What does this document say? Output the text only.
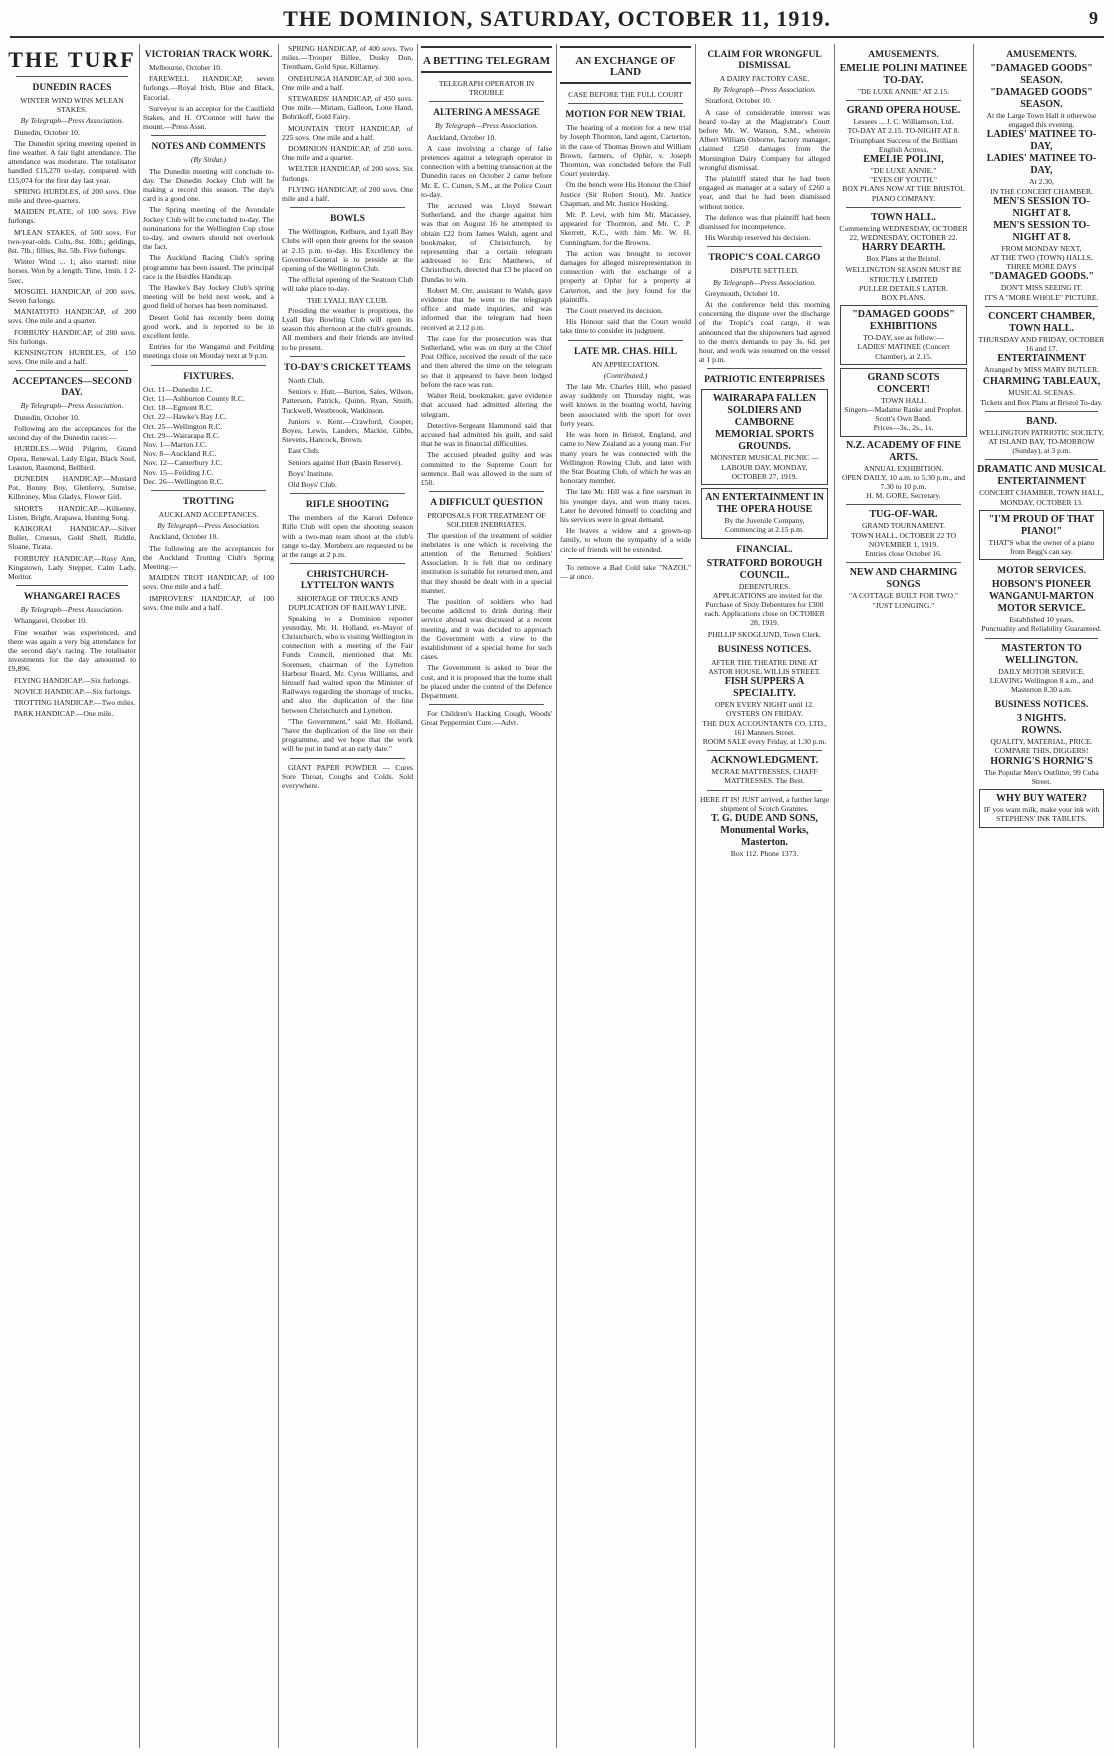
THE DOMINION, SATURDAY, OCTOBER 11, 1919.	9
THE TURF
DUNEDIN RACES
WINTER WIND WINS M'LEAN STAKES.
By Telegraph—Press Association.

Dunedin, October 10.

The Dunedin spring meeting opened in fine weather. A fair light attendance. The attendance was moderate. The totalisator handled £15,270 to-day, compared with £15,074 for the first day last year.

SPRING HURDLES, of 200 sovs. One mile and three-quarters.

MAIDEN PLATE, of 100 sovs. Five furlongs.

M'LEAN STAKES, of 500 sovs. For two-year-olds. Colts, 8st. 10lb.; geldings, 8st. 7lb.; fillies, 8st. 5lb. Five furlongs.

Winter Wind ... 1; also started: nine horses. Won by a length. Time, 1min. 1 2-5sec.

MOSGIEL HANDICAP, of 200 sovs. Seven furlongs.

MANIATOTO HANDICAP, of 200 sovs. One mile and a quarter.

FORBURY HANDICAP, of 200 sovs. Six furlongs.

KENSINGTON HURDLES, of 150 sovs. One mile and a half.

ACCEPTANCES—SECOND DAY.
By Telegraph—Press Association.

Dunedin, October 10.

Following are the acceptances for the second day of the Dunedin races:—

HURDLES.—Wild Pilgrim, Grand Opera, Renewal, Lady Elgar, Black Soul, Leaston, Rasmond, Bellbird.

DUNEDIN HANDICAP.—Mustard Pot, Bonny Boy, Glenferry, Sunrise, Kilbroney, Miss Gladys, Flower Girl.

SHORTS HANDICAP.—Kilkenny, Listen, Bright, Arapawa, Hunting Song.

KAIKORAI HANDICAP.—Silver Bullet, Croesus, Gold Shell, Riddle, Sloane, Tirata.

FORBURY HANDICAP.—Rosy Ann, Kingstown, Lady Stepper, Calm Lady, Meritor.

WHANGAREI RACES
By Telegraph—Press Association.

Whangarei, October 10.

Fine weather was experienced, and there was again a very big attendance for the second day's racing. The totalisator investments for the day amounted to £9,896.

FLYING HANDICAP.—Six furlongs.

NOVICE HANDICAP.—Six furlongs.

TROTTING HANDICAP.—Two miles.

PARK HANDICAP.—One mile.

VICTORIAN TRACK WORK.

Melbourne, October 10.

FAREWELL HANDICAP, seven furlongs.—Royal Irish, Blue and Black, Escorial.

Surveyor is an acceptor for the Caulfield Stakes, and H. O'Connor will have the mount.—Press Assn.

NOTES AND COMMENTS
(By Sirdar.)

The Dunedin meeting will conclude to-day. The Dunedin Jockey Club will be making a record this season. The day's card is a good one.

The Spring meeting of the Avondale Jockey Club will be concluded to-day. The nominations for the Wellington Cup close to-day, and owners should not overlook the fact.

The Auckland Racing Club's spring programme has been issued. The principal race is the Hurdles Handicap.

The Hawke's Bay Jockey Club's spring meeting will be held next week, and a good field of horses has been nominated.

Desert Gold has recently been doing good work, and is reported to be in excellent fettle.

Entries for the Wanganui and Feilding meetings close on Monday next at 9 p.m.

FIXTURES.

Oct. 11—Dunedin J.C.

Oct. 11—Ashburton County R.C.

Oct. 18—Egmont R.C.

Oct. 22—Hawke's Bay J.C.

Oct. 25—Wellington R.C.

Oct. 29—Wairarapa R.C.

Nov. 1—Marton J.C.

Nov. 8—Auckland R.C.

Nov. 12—Canterbury J.C.

Nov. 15—Feilding J.C.

Dec. 26—Wellington R.C.

TROTTING
AUCKLAND ACCEPTANCES.
By Telegraph—Press Association.

Auckland, October 10.

The following are the acceptances for the Auckland Trotting Club's Spring Meeting:—

MAIDEN TROT HANDICAP, of 100 sovs. One mile and a half.

IMPROVERS' HANDICAP, of 100 sovs. One mile and a half.

SPRING HANDICAP, of 400 sovs. Two miles.—Trooper Billee, Dusky Don, Trentham, Gold Spur, Killarney.

ONEHUNGA HANDICAP, of 300 sovs. One mile and a half.

STEWARDS' HANDICAP, of 450 sovs. One mile.—Miriam, Galleon, Lone Hand, Bobrikoff, Gold Fairy.

MOUNTAIN TROT HANDICAP, of 225 sovs. One mile and a half.

DOMINION HANDICAP, of 250 sovs. One mile and a quarter.

WELTER HANDICAP, of 200 sovs. Six furlongs.

FLYING HANDICAP, of 200 sovs. One mile and a half.

BOWLS

The Wellington, Kelburn, and Lyall Bay Clubs will open their greens for the season at 2.15 p.m. to-day. His Excellency the Governor-General is to preside at the opening of the Wellington Club.

The official opening of the Seatoun Club will take place to-day.

THE LYALL BAY CLUB.

Presiding the weather is propitious, the Lyall Bay Bowling Club will open its season this afternoon at the club's grounds. All members and their friends are invited to be present.

TO-DAY'S CRICKET TEAMS

North Club.

Seniors v. Hutt.—Burton, Sales, Wilson, Patterson, Patrick, Quinn, Ryan, Smith, Tuckwell, Westbrook, Watkinson.

Juniors v. Kent.—Crawford, Cooper, Boyes, Lewis, Landers, Mackie, Gibbs, Stevens, Hancock, Brown.

East Club.

Seniors against Hutt (Basin Reserve).

Boys' Institute.

Old Boys' Club.

RIFLE SHOOTING

The members of the Karori Defence Rifle Club will open the shooting season with a two-man team shoot at the club's range to-day. Members are requested to be at the range at 2 p.m.

CHRISTCHURCH-LYTTELTON WANTS
SHORTAGE OF TRUCKS AND DUPLICATION OF RAILWAY LINE.

Speaking to a Dominion reporter yesterday, Mr. H. Holland, ex-Mayor of Christchurch, who is visiting Wellington in connection with a meeting of the Fair Funds Council, mentioned that Mr. Sorensen, chairman of the Lyttelton Harbour Board, Mr. Cyrus Williams, and himself had waited upon the Minister of Railways regarding the shortage of trucks, and also the duplication of the line between Christchurch and Lyttelton.

"The Government," said Mr. Holland, "have the duplication of the line on their programme, and we hope that the work will be put in hand at an early date."

GIANT PAPER POWDER — Cures Sore Throat, Coughs and Colds. Sold everywhere.

A BETTING TELEGRAM
TELEGRAPH OPERATOR IN TROUBLE
ALTERING A MESSAGE
By Telegraph—Press Association.

Auckland, October 10.

A case involving a charge of false pretences against a telegraph operator in connection with a betting transaction at the Dunedin races on October 2 came before Mr. E. C. Cutten, S.M., at the Police Court to-day.

The accused was Lloyd Stewart Sutherland, and the charge against him was that on August 16 he attempted to obtain £22 from James Walsh, agent and bookmaker, of Christchurch, by representing that a certain telegram addressed to Eric Matthews, of Christchurch, directed that £3 be placed on Dundas to win.

Robert M. Orr, assistant to Walsh, gave evidence that he went to the telegraph office and made inquiries, and was informed that the telegram had been received at 2.12 p.m.

The case for the prosecution was that Sutherland, who was on duty at the Chief Post Office, received the result of the race and then altered the time on the telegram so that it appeared to have been lodged before the race was run.

Walter Reid, bookmaker, gave evidence that accused had admitted altering the telegram.

Detective-Sergeant Hammond said that accused had admitted his guilt, and said that he was in financial difficulties.

The accused pleaded guilty and was committed to the Supreme Court for sentence. Bail was allowed in the sum of £50.

A DIFFICULT QUESTION
PROPOSALS FOR TREATMENT OF SOLDIER INEBRIATES.

The question of the treatment of soldier inebriates is one which is receiving the attention of the Returned Soldiers' Association. It is felt that no ordinary institution is suitable for returned men, and that they should be dealt with in a special manner.

The position of soldiers who had become addicted to drink during their service abroad was discussed at a recent meeting, and it was decided to approach the Government with a view to the establishment of a special home for such cases.

The Government is asked to bear the cost, and it is proposed that the home shall be placed under the control of the Defence Department.

For Children's Hacking Cough, Woods' Great Peppermint Cure.—Advt.

AN EXCHANGE OF LAND
CASE BEFORE THE FULL COURT
MOTION FOR NEW TRIAL

The hearing of a motion for a new trial by Joseph Thornton, land agent, Carterton, in the case of Thomas Brown and William Brown, farmers, of Ophir, v. Joseph Thornton, was concluded before the Full Court yesterday.

On the bench were His Honour the Chief Justice (Sir Robert Stout), Mr. Justice Chapman, and Mr. Justice Hosking.

Mr. P. Levi, with him Mr. Macassey, appeared for Thornton, and Mr. C. P. Skerrett, K.C., with him Mr. W. H. Cunningham, for the Browns.

The action was brought to recover damages for alleged misrepresentation in connection with the exchange of a property at Ophir for a property at Carterton, and the jury found for the plaintiffs.

The Court reserved its decision.

His Honour said that the Court would take time to consider its judgment.

LATE MR. CHAS. HILL
AN APPRECIATION.
(Contributed.)

The late Mr. Charles Hill, who passed away suddenly on Thursday night, was well known in the boating world, having been associated with the sport for over forty years.

He was born in Bristol, England, and came to New Zealand as a young man. For many years he was connected with the Wellington Rowing Club, and later with the Star Boating Club, of which he was an honorary member.

The late Mr. Hill was a fine oarsman in his younger days, and won many races. Later he devoted himself to coaching and his services were in great demand.

He leaves a widow and a grown-up family, to whom the sympathy of a wide circle of friends will be extended.

To remove a Bad Cold take "NAZOL" — at once.

CLAIM FOR WRONGFUL DISMISSAL
A DAIRY FACTORY CASE.
By Telegraph—Press Association.

Stratford, October 10.

A case of considerable interest was heard to-day at the Magistrate's Court before Mr. W. Watson, S.M., wherein Albert William Osborne, factory manager, claimed £250 damages from the Mornington Dairy Company for alleged wrongful dismissal.

The plaintiff stated that he had been engaged as manager at a salary of £260 a year, and that he had been dismissed without notice.

The defence was that plaintiff had been dismissed for incompetence.

His Worship reserved his decision.

TROPIC'S COAL CARGO
DISPUTE SETTLED.
By Telegraph—Press Association.

Greymouth, October 10.

At the conference held this morning concerning the dispute over the discharge of the Tropic's coal cargo, it was announced that the shipowners had agreed to the men's demands to pay 3s. 6d. per hour, and work was resumed on the vessel at 1 p.m.

PATRIOTIC ENTERPRISES
WAIRARAPA FALLEN SOLDIERS AND CAMBORNE MEMORIAL SPORTS GROUNDS.
MONSTER MUSICAL PICNIC — LABOUR DAY, MONDAY, OCTOBER 27, 1919.
AN ENTERTAINMENT IN THE OPERA HOUSE
By the Juvenile Company, Commencing at 2.15 p.m.
FINANCIAL.
STRATFORD BOROUGH COUNCIL.
DEBENTURES.

APPLICATIONS are invited for the Purchase of Sixty Debentures for £300 each. Applications close on OCTOBER 28, 1919.

PHILLIP SKOGLUND, Town Clerk.
BUSINESS NOTICES.
AFTER THE THEATRE DINE AT ASTOR HOUSE, WILLIS STREET.
FISH SUPPERS A SPECIALITY.
OPEN EVERY NIGHT until 12.
OYSTERS ON FRIDAY.
THE DUX ACCOUNTANTS CO. LTD., 161 Manners Street.
ROOM SALE every Friday, at 1.30 p.m.
ACKNOWLEDGMENT.
M'CRAE MATTRESSES, CHAFF MATTRESSES. The Best.
HERE IT IS! JUST arrived, a further large shipment of Scotch Granites.
T. G. DUDE AND SONS, Monumental Works, Masterton.
Box 112. Phone 1373.
AMUSEMENTS.
EMELIE POLINI MATINEE TO-DAY.
"DE LUXE ANNIE" AT 2.15.
GRAND OPERA HOUSE.
Lessees ... J. C. Williamson, Ltd.
TO-DAY AT 2.15. TO-NIGHT AT 8.
Triumphant Success of the Brilliant English Actress,
EMELIE POLINI,
"DE LUXE ANNIE."
"EYES OF YOUTH."
BOX PLANS NOW AT THE BRISTOL PIANO COMPANY.
TOWN HALL.
Commencing WEDNESDAY, OCTOBER 22, WEDNESDAY, OCTOBER 22.
HARRY DEARTH.
Box Plans at the Bristol.
WELLINGTON SEASON MUST BE STRICTLY LIMITED
PULLER DETAILS LATER.
BOX PLANS.
"DAMAGED GOODS" EXHIBITIONS
TO-DAY, see as follow:—
LADIES' MATINEE (Concert Chamber), at 2.15.
GRAND SCOTS CONCERT!
TOWN HALL
Singers—Madame Ranke and Prophet. Scott's Own Band.
Prices—3s., 2s., 1s.
N.Z. ACADEMY OF FINE ARTS.
ANNUAL EXHIBITION.
OPEN DAILY, 10 a.m. to 5.30 p.m., and 7.30 to 10 p.m.
H. M. GORE, Secretary.
TUG-OF-WAR.
GRAND TOURNAMENT.
TOWN HALL, OCTOBER 22 TO NOVEMBER 1, 1919.
Entries close October 16.
NEW AND CHARMING SONGS
"A COTTAGE BUILT FOR TWO."
"JUST LONGING."
AMUSEMENTS.
"DAMAGED GOODS" SEASON.
"DAMAGED GOODS" SEASON.
At the Large Town Hall it otherwise engaged this evening.
LADIES' MATINEE TO-DAY,
LADIES' MATINEE TO-DAY,
At 2.30,
IN THE CONCERT CHAMBER.
MEN'S SESSION TO-NIGHT AT 8.
MEN'S SESSION TO-NIGHT AT 8.
FROM MONDAY NEXT,
AT THE TWO (TOWN) HALLS,
THREE MORE DAYS
"DAMAGED GOODS."
DON'T MISS SEEING IT.
IT'S A "MORE WHOLE" PICTURE.
CONCERT CHAMBER, TOWN HALL.
THURSDAY AND FRIDAY, OCTOBER 16 and 17.
ENTERTAINMENT
Arranged by MISS MARY BUTLER.
CHARMING TABLEAUX,
MUSICAL SCENAS.
Tickets and Box Plans at Bristol To-day.
BAND.
WELLINGTON PATRIOTIC SOCIETY, AT ISLAND BAY, TO-MORROW (Sunday), at 3 p.m.
DRAMATIC AND MUSICAL ENTERTAINMENT
CONCERT CHAMBER, TOWN HALL, MONDAY, OCTOBER 13.
"I'M PROUD OF THAT PIANO!"
THAT'S what the owner of a piano from Begg's can say.
MOTOR SERVICES.
HOBSON'S PIONEER WANGANUI-MARTON MOTOR SERVICE.
Established 10 years.
Punctuality and Reliability Guaranteed.
MASTERTON TO WELLINGTON.
DAILY MOTOR SERVICE.
LEAVING Wellington 8 a.m., and Masterton 8.30 a.m.
BUSINESS NOTICES.
3 NIGHTS.
ROWNS.
QUALITY, MATERIAL, PRICE. COMPARE THIS, DIGGERS!
HORNIG'S HORNIG'S
The Popular Men's Outfitter, 99 Cuba Street.
WHY BUY WATER?
IF you want milk, make your ink with STEPHENS' INK TABLETS.
